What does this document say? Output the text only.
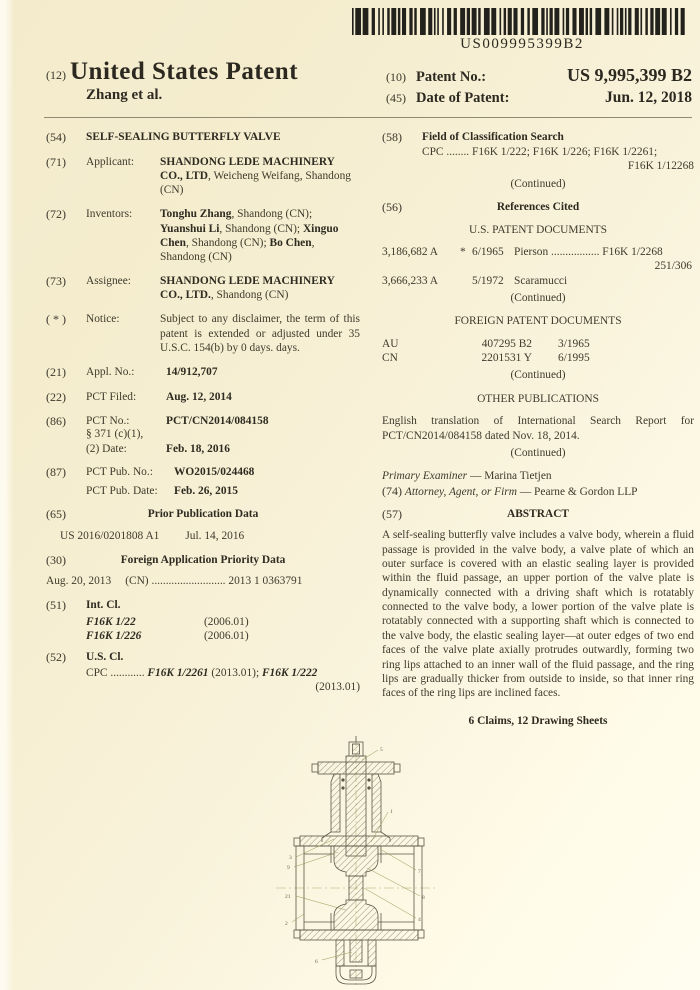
US009995399B2
(12) United States Patent
Zhang et al.
(10) Patent No.:	US 9,995,399 B2
(45) Date of Patent:	Jun. 12, 2018
(54)	SELF-SEALING BUTTERFLY VALVE
(71)	Applicant:	SHANDONG LEDE MACHINERY CO., LTD, Weicheng Weifang, Shandong (CN)
(72)	Inventors:	Tonghu Zhang, Shandong (CN); Yuanshui Li, Shandong (CN); Xinguo Chen, Shandong (CN); Bo Chen, Shandong (CN)
(73)	Assignee:	SHANDONG LEDE MACHINERY CO., LTD., Shandong (CN)
( * )	Notice:	Subject to any disclaimer, the term of this patent is extended or adjusted under 35 U.S.C. 154(b) by 0 days. days.
(21)	Appl. No.:	14/912,707
(22)	PCT Filed:	Aug. 12, 2014
(86)	PCT No.:	PCT/CN2014/084158
§ 371 (c)(1),
(2) Date:	Feb. 18, 2016
(87)	PCT Pub. No.:	WO2015/024468
PCT Pub. Date:	Feb. 26, 2015
(65)	Prior Publication Data
US 2016/0201808 A1 Jul. 14, 2016
(30)	Foreign Application Priority Data
Aug. 20, 2013 (CN) .......................... 2013 1 0363791
(51)	Int. Cl.
F16K 1/22	(2006.01)
F16K 1/226	(2006.01)
(52)	U.S. Cl.
CPC ............ F16K 1/2261 (2013.01); F16K 1/222
(2013.01)
(58)	Field of Classification Search
CPC ........ F16K 1/222; F16K 1/226; F16K 1/2261;
F16K 1/12268
(Continued)
(56)	References Cited
U.S. PATENT DOCUMENTS
3,186,682 A	* 6/1965 Pierson ................. F16K 1/2268
251/306
3,666,233 A	5/1972 Scaramucci
(Continued)
FOREIGN PATENT DOCUMENTS
AU	407295 B2	3/1965
CN	2201531 Y	6/1995
(Continued)
OTHER PUBLICATIONS
English translation of International Search Report for PCT/CN2014/084158 dated Nov. 18, 2014.
(Continued)
Primary Examiner — Marina Tietjen
(74) Attorney, Agent, or Firm — Pearne & Gordon LLP
(57)	ABSTRACT
A self-sealing butterfly valve includes a valve body, wherein a fluid passage is provided in the valve body, a valve plate of which an outer surface is covered with an elastic sealing layer is provided within the fluid passage, an upper portion of the valve plate is dynamically connected with a driving shaft which is rotatably connected to the valve body, a lower portion of the valve plate is rotatably connected with a supporting shaft which is connected to the valve body, the elastic sealing layer—at outer edges of two end faces of the valve plate axially protrudes outwardly, forming two ring lips attached to an inner wall of the fluid passage, and the ring lips are gradually thicker from outside to inside, so that inner ring faces of the ring lips are inclined faces.
6 Claims, 12 Drawing Sheets
5
1
3
9
7
8
4
21
2
6
